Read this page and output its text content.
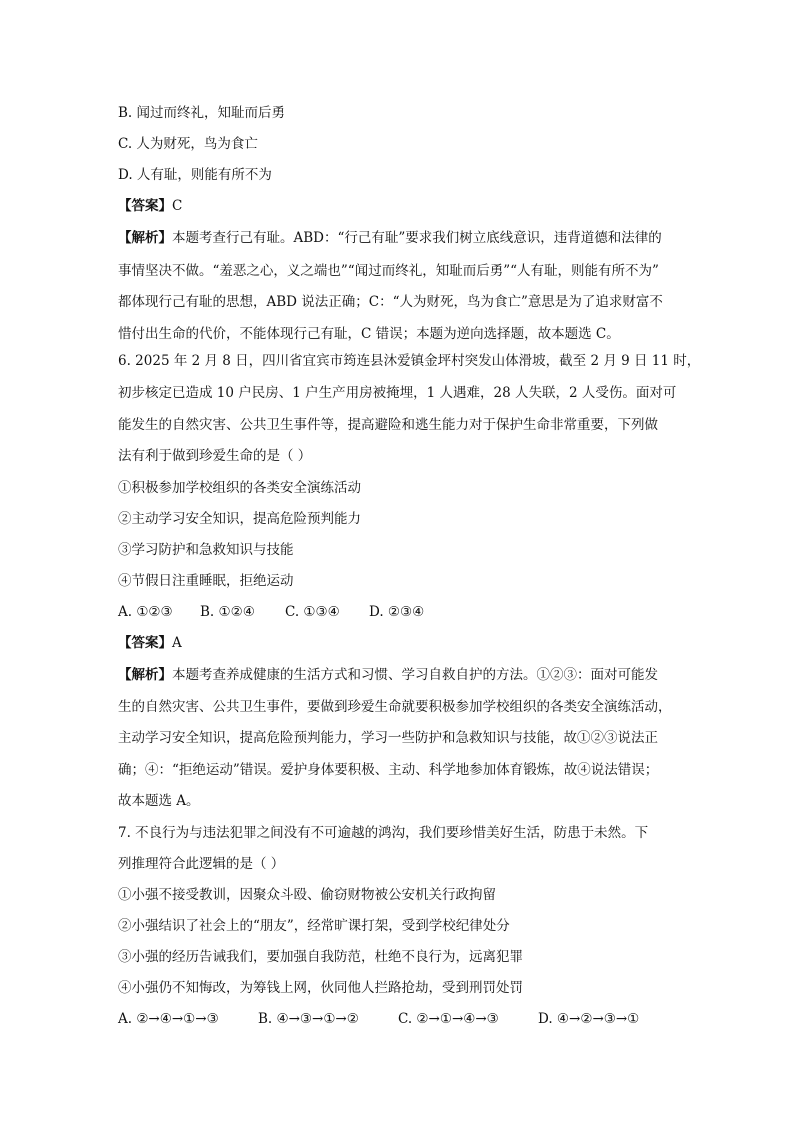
B. 闻过而终礼，知耻而后勇
C. 人为财死，鸟为食亡
D. 人有耻，则能有所不为
【答案】C
【解析】本题考查行己有耻。ABD：“行己有耻”要求我们树立底线意识，违背道德和法律的
事情坚决不做。“羞恶之心，义之端也”“闻过而终礼，知耻而后勇”“人有耻，则能有所不为”
都体现行己有耻的思想，ABD 说法正确；C：“人为财死，鸟为食亡”意思是为了追求财富不
惜付出生命的代价，不能体现行己有耻，C 错误；本题为逆向选择题，故本题选 C。
6. 2025 年 2 月 8 日，四川省宜宾市筠连县沐爱镇金坪村突发山体滑坡，截至 2 月 9 日 11 时，
初步核定已造成 10 户民房、1 户生产用房被掩埋，1 人遇难，28 人失联，2 人受伤。面对可
能发生的自然灾害、公共卫生事件等，提高避险和逃生能力对于保护生命非常重要，下列做
法有利于做到珍爱生命的是（ ）
①积极参加学校组织的各类安全演练活动
②主动学习安全知识，提高危险预判能力
③学习防护和急救知识与技能
④节假日注重睡眠，拒绝运动
A. ①②③ B. ①②④ C. ①③④ D. ②③④
【答案】A
【解析】本题考查养成健康的生活方式和习惯、学习自救自护的方法。①②③：面对可能发
生的自然灾害、公共卫生事件，要做到珍爱生命就要积极参加学校组织的各类安全演练活动，
主动学习安全知识，提高危险预判能力，学习一些防护和急救知识与技能，故①②③说法正
确；④：“拒绝运动”错误。爱护身体要积极、主动、科学地参加体育锻炼，故④说法错误；
故本题选 A。
7. 不良行为与违法犯罪之间没有不可逾越的鸿沟，我们要珍惜美好生活，防患于未然。下
列推理符合此逻辑的是（ ）
①小强不接受教训，因聚众斗殴、偷窃财物被公安机关行政拘留
②小强结识了社会上的“朋友”，经常旷课打架，受到学校纪律处分
③小强的经历告诫我们，要加强自我防范，杜绝不良行为，远离犯罪
④小强仍不知悔改，为筹钱上网，伙同他人拦路抢劫，受到刑罚处罚
A. ②→④→①→③	B. ④→③→①→②	C. ②→①→④→③	D. ④→②→③→①
